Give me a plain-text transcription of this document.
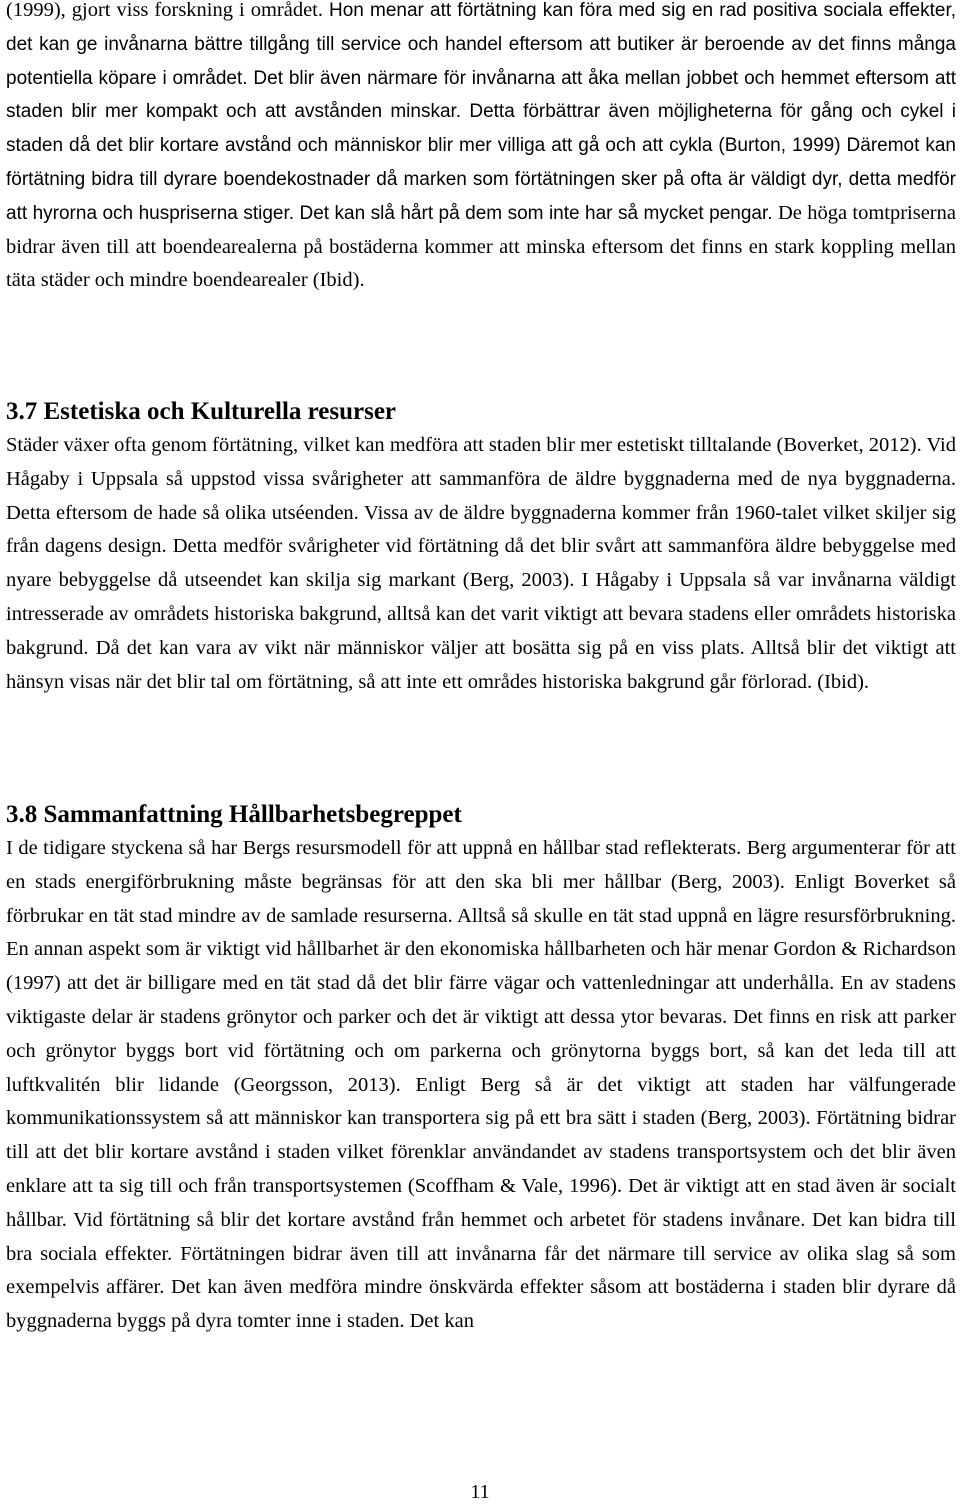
(1999), gjort viss forskning i området. Hon menar att förtätning kan föra med sig en rad positiva sociala effekter, det kan ge invånarna bättre tillgång till service och handel eftersom att butiker är beroende av det finns många potentiella köpare i området. Det blir även närmare för invånarna att åka mellan jobbet och hemmet eftersom att staden blir mer kompakt och att avstånden minskar. Detta förbättrar även möjligheterna för gång och cykel i staden då det blir kortare avstånd och människor blir mer villiga att gå och att cykla (Burton, 1999) Däremot kan förtätning bidra till dyrare boendekostnader då marken som förtätningen sker på ofta är väldigt dyr, detta medför att hyrorna och huspriserna stiger. Det kan slå hårt på dem som inte har så mycket pengar. De höga tomtpriserna bidrar även till att boendearealerna på bostäderna kommer att minska eftersom det finns en stark koppling mellan täta städer och mindre boendearealer (Ibid).

3.7 Estetiska och Kulturella resurser

Städer växer ofta genom förtätning, vilket kan medföra att staden blir mer estetiskt tilltalande (Boverket, 2012). Vid Hågaby i Uppsala så uppstod vissa svårigheter att sammanföra de äldre byggnaderna med de nya byggnaderna. Detta eftersom de hade så olika utséenden. Vissa av de äldre byggnaderna kommer från 1960-talet vilket skiljer sig från dagens design. Detta medför svårigheter vid förtätning då det blir svårt att sammanföra äldre bebyggelse med nyare bebyggelse då utseendet kan skilja sig markant (Berg, 2003). I Hågaby i Uppsala så var invånarna väldigt intresserade av områdets historiska bakgrund, alltså kan det varit viktigt att bevara stadens eller områdets historiska bakgrund. Då det kan vara av vikt när människor väljer att bosätta sig på en viss plats. Alltså blir det viktigt att hänsyn visas när det blir tal om förtätning, så att inte ett områdes historiska bakgrund går förlorad. (Ibid).

3.8 Sammanfattning Hållbarhetsbegreppet

I de tidigare styckena så har Bergs resursmodell för att uppnå en hållbar stad reflekterats. Berg argumenterar för att en stads energiförbrukning måste begränsas för att den ska bli mer hållbar (Berg, 2003). Enligt Boverket så förbrukar en tät stad mindre av de samlade resurserna. Alltså så skulle en tät stad uppnå en lägre resursförbrukning. En annan aspekt som är viktigt vid hållbarhet är den ekonomiska hållbarheten och här menar Gordon & Richardson (1997) att det är billigare med en tät stad då det blir färre vägar och vattenledningar att underhålla. En av stadens viktigaste delar är stadens grönytor och parker och det är viktigt att dessa ytor bevaras. Det finns en risk att parker och grönytor byggs bort vid förtätning och om parkerna och grönytorna byggs bort, så kan det leda till att luftkvalitén blir lidande (Georgsson, 2013). Enligt Berg så är det viktigt att staden har välfungerade kommunikationssystem så att människor kan transportera sig på ett bra sätt i staden (Berg, 2003). Förtätning bidrar till att det blir kortare avstånd i staden vilket förenklar användandet av stadens transportsystem och det blir även enklare att ta sig till och från transportsystemen (Scoffham & Vale, 1996). Det är viktigt att en stad även är socialt hållbar. Vid förtätning så blir det kortare avstånd från hemmet och arbetet för stadens invånare. Det kan bidra till bra sociala effekter. Förtätningen bidrar även till att invånarna får det närmare till service av olika slag så som exempelvis affärer. Det kan även medföra mindre önskvärda effekter såsom att bostäderna i staden blir dyrare då byggnaderna byggs på dyra tomter inne i staden. Det kan

11
